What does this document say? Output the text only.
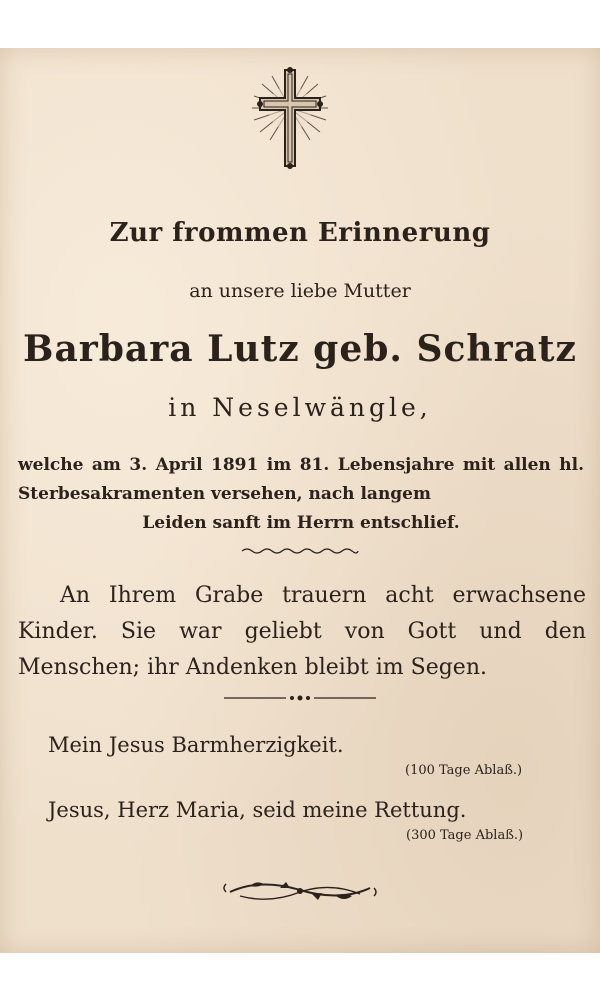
Zur frommen Erinnerung
an unsere liebe Mutter
Barbara Lutz geb. Schratz
in Neselwängle,
welche am 3. April 1891 im 81. Lebensjahre mit allen hl. Sterbesakramenten versehen, nach langem
Leiden sanft im Herrn entschlief.
An Ihrem Grabe trauern acht erwachsene Kinder. Sie war geliebt von Gott und den Menschen; ihr Andenken bleibt im Segen.
Mein Jesus Barmherzigkeit.
(100 Tage Ablaß.)
Jesus, Herz Maria, seid meine Rettung.
(300 Tage Ablaß.)
